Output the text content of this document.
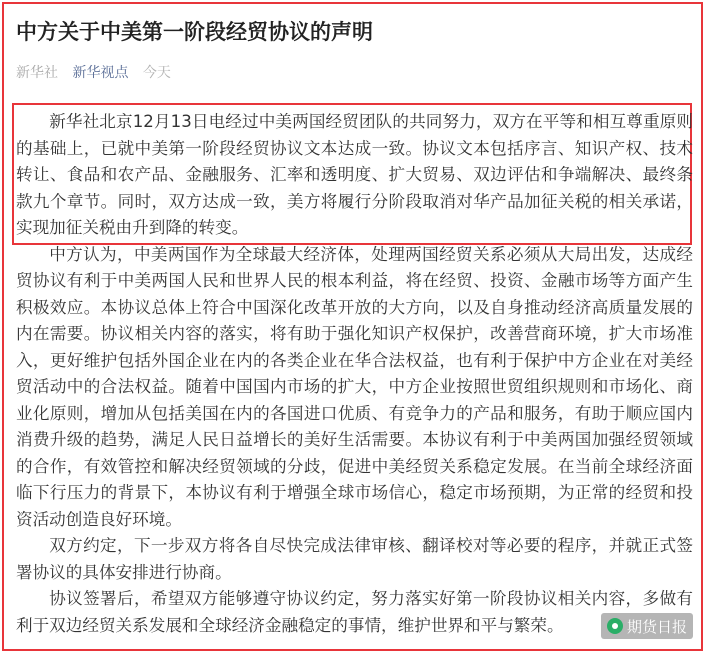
中方关于中美第一阶段经贸协议的声明
新华社 新华视点 今天

新华社北京12月13日电经过中美两国经贸团队的共同努力，双方在平等和相互尊重原则的基础上，已就中美第一阶段经贸协议文本达成一致。协议文本包括序言、知识产权、技术转让、食品和农产品、金融服务、汇率和透明度、扩大贸易、双边评估和争端解决、最终条款九个章节。同时，双方达成一致，美方将履行分阶段取消对华产品加征关税的相关承诺，实现加征关税由升到降的转变。

中方认为，中美两国作为全球最大经济体，处理两国经贸关系必须从大局出发，达成经贸协议有利于中美两国人民和世界人民的根本利益，将在经贸、投资、金融市场等方面产生积极效应。本协议总体上符合中国深化改革开放的大方向，以及自身推动经济高质量发展的内在需要。协议相关内容的落实，将有助于强化知识产权保护，改善营商环境，扩大市场准入，更好维护包括外国企业在内的各类企业在华合法权益，也有利于保护中方企业在对美经贸活动中的合法权益。随着中国国内市场的扩大，中方企业按照世贸组织规则和市场化、商业化原则，增加从包括美国在内的各国进口优质、有竞争力的产品和服务，有助于顺应国内消费升级的趋势，满足人民日益增长的美好生活需要。本协议有利于中美两国加强经贸领域的合作，有效管控和解决经贸领域的分歧，促进中美经贸关系稳定发展。在当前全球经济面临下行压力的背景下，本协议有利于增强全球市场信心，稳定市场预期，为正常的经贸和投资活动创造良好环境。

双方约定，下一步双方将各自尽快完成法律审核、翻译校对等必要的程序，并就正式签署协议的具体安排进行协商。

协议签署后，希望双方能够遵守协议约定，努力落实好第一阶段协议相关内容，多做有利于双边经贸关系发展和全球经济金融稳定的事情，维护世界和平与繁荣。	期货日报
